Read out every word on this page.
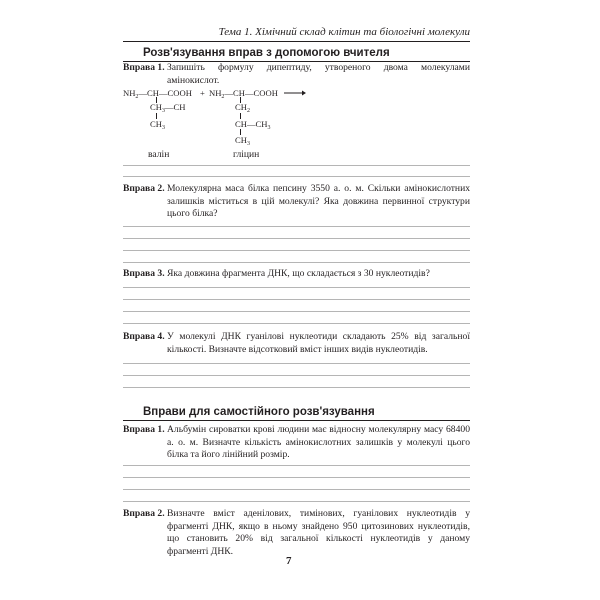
Тема 1. Хімічний склад клітин та біологічні молекули
Розв'язування вправ з допомогою вчителя
Вправа 1. Запишіть формулу дипептиду, утвореного двома молекулами амінокислот.
$NH_2—CH—COOH$ + $NH_2—CH—COOH$ →
$CH_3—CH$
$CH_3$
$CH_2$
$CH—CH_3$
$CH_3$
валін	гліцин
Вправа 2. Молекулярна маса білка пепсину 3550 а. о. м. Скільки амінокислотних залишків міститься в цій молекулі? Яка довжина первинної структури цього білка?
Вправа 3. Яка довжина фрагмента ДНК, що складається з 30 нуклеотидів?
Вправа 4. У молекулі ДНК гуанілові нуклеотиди складають 25% від загальної кількості. Визначте відсотковий вміст інших видів нуклеотидів.
Вправи для самостійного розв'язування
Вправа 1. Альбумін сироватки крові людини має відносну молекулярну масу 68400 а. о. м. Визначте кількість амінокислотних залишків у молекулі цього білка та його лінійний розмір.
Вправа 2. Визначте вміст аденілових, тимінових, гуанілових нуклеотидів у фрагменті ДНК, якщо в ньому знайдено 950 цитозинових нуклеотидів, що становить 20% від загальної кількості нуклеотидів у даному фрагменті ДНК.
7
